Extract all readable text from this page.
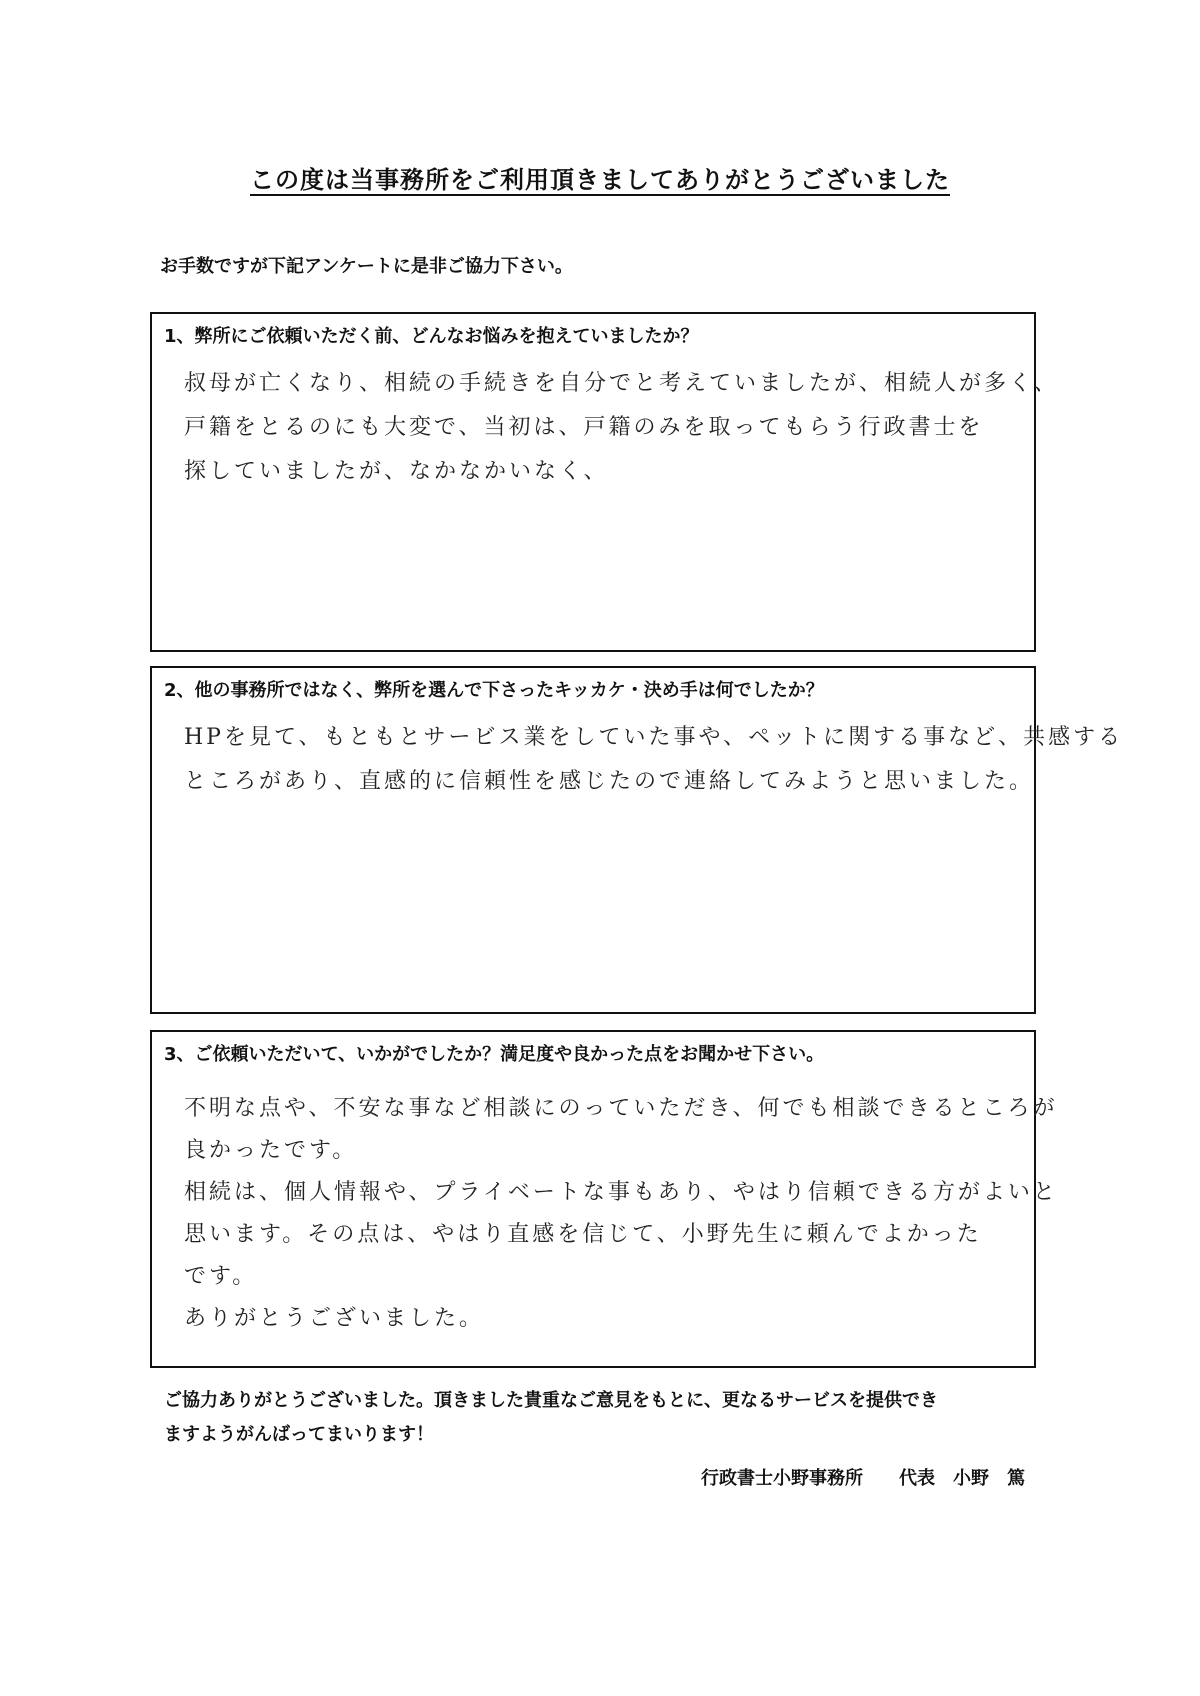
この度は当事務所をご利用頂きましてありがとうございました
お手数ですが下記アンケートに是非ご協力下さい。
1、弊所にご依頼いただく前、どんなお悩みを抱えていましたか？
叔母が亡くなり、相続の手続きを自分でと考えていましたが、相続人が多く、
戸籍をとるのにも大変で、当初は、戸籍のみを取ってもらう行政書士を
探していましたが、なかなかいなく、
2、他の事務所ではなく、弊所を選んで下さったキッカケ・決め手は何でしたか？
HPを見て、もともとサービス業をしていた事や、ペットに関する事など、共感する
ところがあり、直感的に信頼性を感じたので連絡してみようと思いました。
3、ご依頼いただいて、いかがでしたか？満足度や良かった点をお聞かせ下さい。
不明な点や、不安な事など相談にのっていただき、何でも相談できるところが
良かったです。
相続は、個人情報や、プライベートな事もあり、やはり信頼できる方がよいと
思います。その点は、やはり直感を信じて、小野先生に頼んでよかった
です。
ありがとうございました。
ご協力ありがとうございました。頂きました貴重なご意見をもとに、更なるサービスを提供でき
ますようがんばってまいります！
行政書士小野事務所　　代表　小野　篤
